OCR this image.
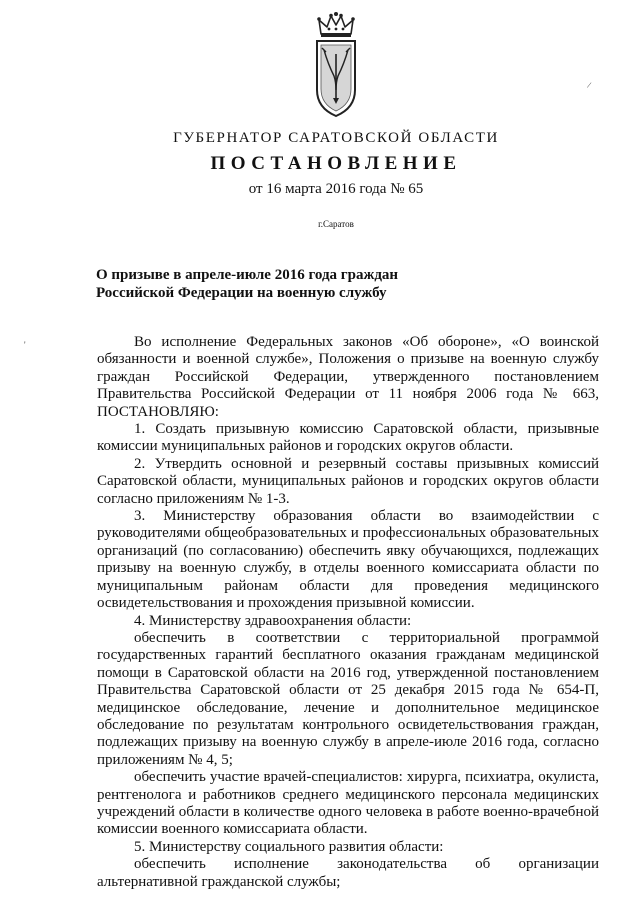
ГУБЕРНАТОР САРАТОВСКОЙ ОБЛАСТИ
ПОСТАНОВЛЕНИЕ
от 16 марта 2016 года № 65
г.Саратов
О призыве в апреле-июле 2016 года граждан
Российской Федерации на военную службу

Во исполнение Федеральных законов «Об обороне», «О воинской обязанности и военной службе», Положения о призыве на военную службу граждан Российской Федерации, утвержденного постановлением Правительства Российской Федерации от 11 ноября 2006 года № 663, ПОСТАНОВЛЯЮ:

1. Создать призывную комиссию Саратовской области, призывные комиссии муниципальных районов и городских округов области.

2. Утвердить основной и резервный составы призывных комиссий Саратовской области, муниципальных районов и городских округов области согласно приложениям № 1-3.

3. Министерству образования области во взаимодействии с руководителями общеобразовательных и профессиональных образовательных организаций (по согласованию) обеспечить явку обучающихся, подлежащих призыву на военную службу, в отделы военного комиссариата области по муниципальным районам области для проведения медицинского освидетельствования и прохождения призывной комиссии.

4. Министерству здравоохранения области:

обеспечить в соответствии с территориальной программой государственных гарантий бесплатного оказания гражданам медицинской помощи в Саратовской области на 2016 год, утвержденной постановлением Правительства Саратовской области от 25 декабря 2015 года № 654-П, медицинское обследование, лечение и дополнительное медицинское обследование по результатам контрольного освидетельствования граждан, подлежащих призыву на военную службу в апреле-июле 2016 года, согласно приложениям № 4, 5;

обеспечить участие врачей-специалистов: хирурга, психиатра, окулиста, рентгенолога и работников среднего медицинского персонала медицинских учреждений области в количестве одного человека в работе военно-врачебной комиссии военного комиссариата области.

5. Министерству социального развития области:

обеспечить исполнение законодательства об организации альтернативной гражданской службы;

/
'
